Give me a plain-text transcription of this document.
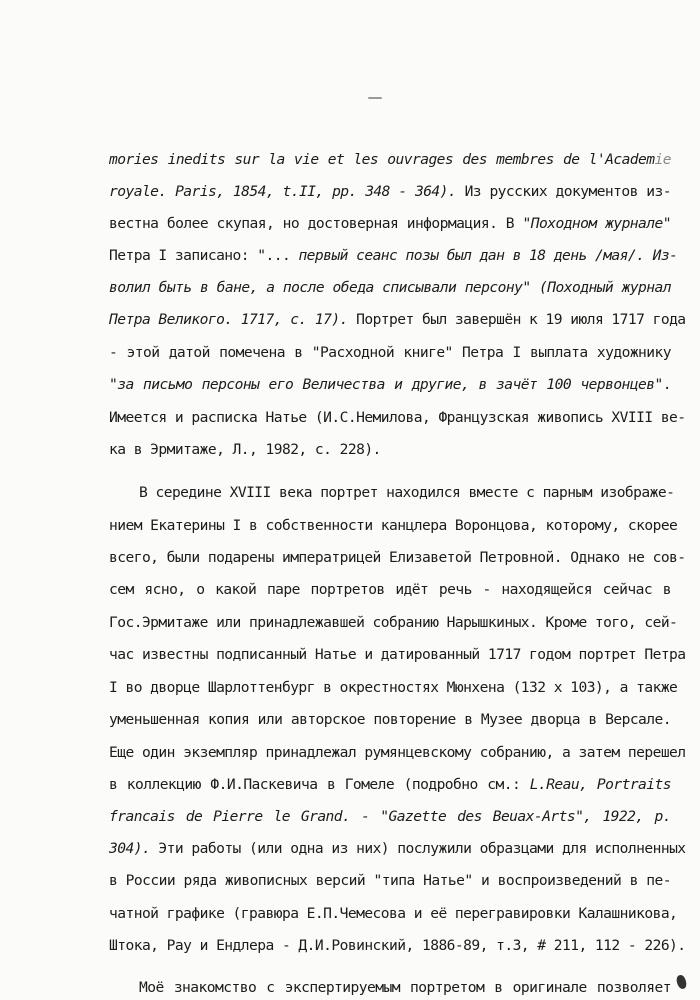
mories inedits sur la vie et les ouvrages des membres de l'Academie
royale. Paris, 1854, t.II, pp. 348 - 364). Из русских документов из-
вестна более скупая, но достоверная информация. В "Походном журнале"
Петра I записано: "... первый сеанс позы был дан в 18 день /мая/. Из-
волил быть в бане, а после обеда списывали персону" (Походный журнал
Петра Великого. 1717, с. 17). Портрет был завершён к 19 июля 1717 года
- этой датой помечена в "Расходной книге" Петра I выплата художнику
"за письмо персоны его Величества и другие, в зачёт 100 червонцев".
Имеется и расписка Натье (И.С.Немилова, Французская живопись XVIII ве-
ка в Эрмитаже, Л., 1982, с. 228).
В середине XVIII века портрет находился вместе с парным изображе-
нием Екатерины I в собственности канцлера Воронцова, которому, скорее
всего, были подарены императрицей Елизаветой Петровной. Однако не сов-
сем ясно, о какой паре портретов идёт речь - находящейся сейчас в
Гос.Эрмитаже или принадлежавшей собранию Нарышкиных. Кроме того, сей-
час известны подписанный Натье и датированный 1717 годом портрет Петра
I во дворце Шарлоттенбург в окрестностях Мюнхена (132 х 103), а также
уменьшенная копия или авторское повторение в Музее дворца в Версале.
Еще один экземпляр принадлежал румянцевскому собранию, а затем перешел
в коллекцию Ф.И.Паскевича в Гомеле (подробно см.: L.Reau, Portraits
francais de Pierre le Grand. - "Gazette des Beuax-Arts", 1922, p.
304). Эти работы (или одна из них) послужили образцами для исполненных
в России ряда живописных версий "типа Натье" и воспроизведений в пе-
чатной графике (гравюра Е.П.Чемесова и её перегравировки Калашникова,
Штока, Рау и Ендлера - Д.И.Ровинский, 1886-89, т.3, # 211, 112 - 226).
Моё знакомство с экспертируемым портретом в оригинале позволяет
